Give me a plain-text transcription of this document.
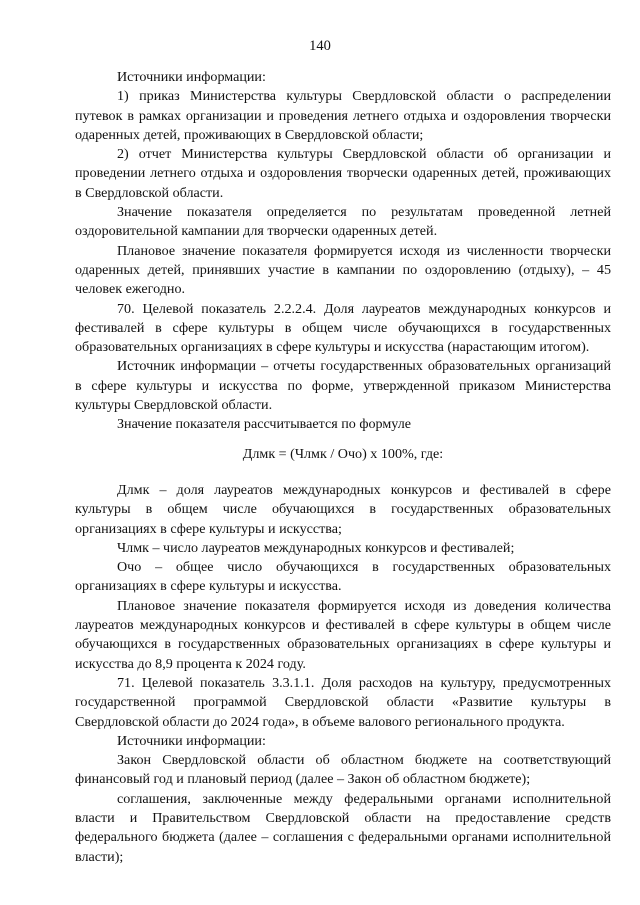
140

Источники информации:

1) приказ Министерства культуры Свердловской области о распределении путевок в рамках организации и проведения летнего отдыха и оздоровления творчески одаренных детей, проживающих в Свердловской области;

2) отчет Министерства культуры Свердловской области об организации и проведении летнего отдыха и оздоровления творчески одаренных детей, проживающих в Свердловской области.

Значение показателя определяется по результатам проведенной летней оздоровительной кампании для творчески одаренных детей.

Плановое значение показателя формируется исходя из численности творчески одаренных детей, принявших участие в кампании по оздоровлению (отдыху), – 45 человек ежегодно.

70. Целевой показатель 2.2.2.4. Доля лауреатов международных конкурсов и фестивалей в сфере культуры в общем числе обучающихся в государственных образовательных организациях в сфере культуры и искусства (нарастающим итогом).

Источник информации – отчеты государственных образовательных организаций в сфере культуры и искусства по форме, утвержденной приказом Министерства культуры Свердловской области.

Значение показателя рассчитывается по формуле

Длмк = (Члмк / Очо) x 100%, где:

Длмк – доля лауреатов международных конкурсов и фестивалей в сфере культуры в общем числе обучающихся в государственных образовательных организациях в сфере культуры и искусства;

Члмк – число лауреатов международных конкурсов и фестивалей;

Очо – общее число обучающихся в государственных образовательных организациях в сфере культуры и искусства.

Плановое значение показателя формируется исходя из доведения количества лауреатов международных конкурсов и фестивалей в сфере культуры в общем числе обучающихся в государственных образовательных организациях в сфере культуры и искусства до 8,9 процента к 2024 году.

71. Целевой показатель 3.3.1.1. Доля расходов на культуру, предусмотренных государственной программой Свердловской области «Развитие культуры в Свердловской области до 2024 года», в объеме валового регионального продукта.

Источники информации:

Закон Свердловской области об областном бюджете на соответствующий финансовый год и плановый период (далее – Закон об областном бюджете);

соглашения, заключенные между федеральными органами исполнительной власти и Правительством Свердловской области на предоставление средств федерального бюджета (далее – соглашения с федеральными органами исполнительной власти);
